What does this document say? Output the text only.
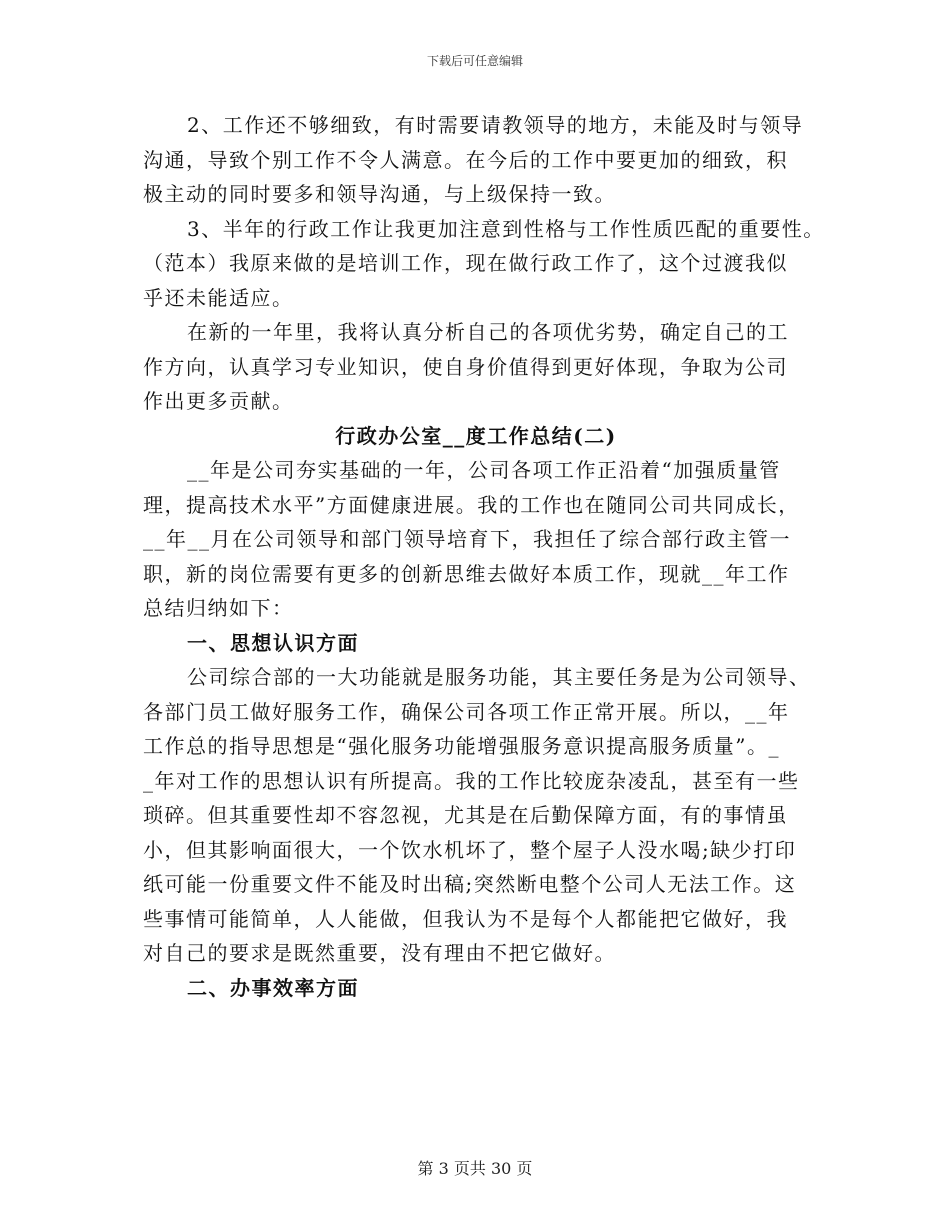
下载后可任意编辑
2、工作还不够细致，有时需要请教领导的地方，未能及时与领导
沟通，导致个别工作不令人满意。在今后的工作中要更加的细致，积
极主动的同时要多和领导沟通，与上级保持一致。
3、半年的行政工作让我更加注意到性格与工作性质匹配的重要性。
（范本）我原来做的是培训工作，现在做行政工作了，这个过渡我似
乎还未能适应。
在新的一年里，我将认真分析自己的各项优劣势，确定自己的工
作方向，认真学习专业知识，使自身价值得到更好体现，争取为公司
作出更多贡献。
行政办公室__度工作总结(二)
__年是公司夯实基础的一年，公司各项工作正沿着“加强质量管
理，提高技术水平”方面健康进展。我的工作也在随同公司共同成长，
__年__月在公司领导和部门领导培育下，我担任了综合部行政主管一
职，新的岗位需要有更多的创新思维去做好本质工作，现就__年工作
总结归纳如下：
一、思想认识方面
公司综合部的一大功能就是服务功能，其主要任务是为公司领导、
各部门员工做好服务工作，确保公司各项工作正常开展。所以，__年
工作总的指导思想是“强化服务功能增强服务意识提高服务质量”。_
_年对工作的思想认识有所提高。我的工作比较庞杂凌乱，甚至有一些
琐碎。但其重要性却不容忽视，尤其是在后勤保障方面，有的事情虽
小，但其影响面很大，一个饮水机坏了，整个屋子人没水喝;缺少打印
纸可能一份重要文件不能及时出稿;突然断电整个公司人无法工作。这
些事情可能简单，人人能做，但我认为不是每个人都能把它做好，我
对自己的要求是既然重要，没有理由不把它做好。
二、办事效率方面
第 3 页共 30 页
